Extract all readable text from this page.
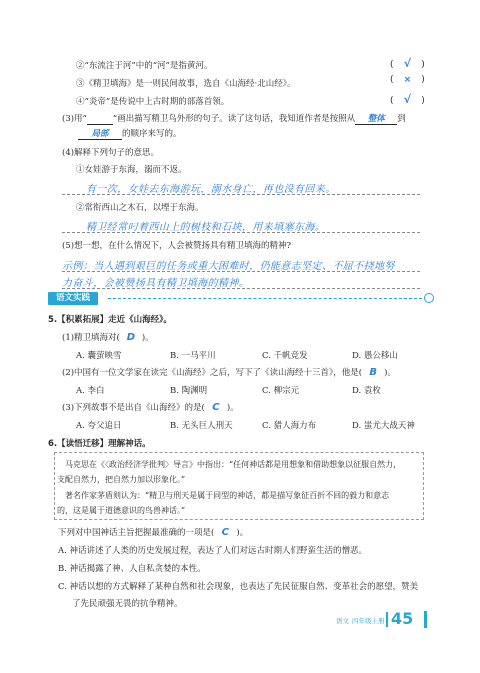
②“东流注于河”中的“河”是指黄河。	( √ )
③《精卫填海》是一则民间故事，选自《山海经·北山经》。	( × )
④“炎帝”是传说中上古时期的部落首领。	( √ )
(3)用“	”画出描写精卫鸟外形的句子。读了这句话，我知道作者是按照从 整体 到
局部 的顺序来写的。
(4)解释下列句子的意思。
①女娃游于东海，溺而不返。
有一次，女娃去东海游玩，溺水身亡，再也没有回来。
②常衔西山之木石，以堙于东海。
精卫经常叼着西山上的树枝和石块，用来填塞东海。
(5)想一想，在什么情况下，人会被赞扬具有精卫填海的精神?
示例：当人遇到艰巨的任务或重大困难时，仍能意志坚定、不屈不挠地努
力奋斗，会被赞扬具有精卫填海的精神。
语文实践
5.【积累拓展】走近《山海经》。
(1)精卫填海对( D )。
A. 囊萤映雪	B. 一马平川	C. 千帆竞发	D. 愚公移山
(2)中国有一位文学家在读完《山海经》之后，写下了《读山海经十三首》，他是( B )。
A. 李白	B. 陶渊明	C. 柳宗元	D. 袁枚
(3)下列故事不是出自《山海经》的是( C )。
A. 夸父追日	B. 无头巨人刑天	C. 猎人海力布	D. 蚩尤大战天神
6.【读悟迁移】理解神话。
马克思在《〈政治经济学批判〉导言》中指出：“任何神话都是用想象和借助想象以征服自然力，
支配自然力，把自然力加以形象化。”
著名作家茅盾则认为：“精卫与刑天是属于同型的神话，都是描写象征百折不回的毅力和意志
的，这是属于道德意识的鸟兽神话。”
下列对中国神话主旨把握最准确的一项是( C )。
A. 神话讲述了人类的历史发展过程，表达了人们对远古时期人们野蛮生活的憎恶。
B. 神话揭露了神、人自私贪婪的本性。
C. 神话以想的方式解释了某种自然和社会现象，也表达了先民征服自然、变革社会的愿望，赞美
了先民顽强无畏的抗争精神。
语文 四年级上册 45
